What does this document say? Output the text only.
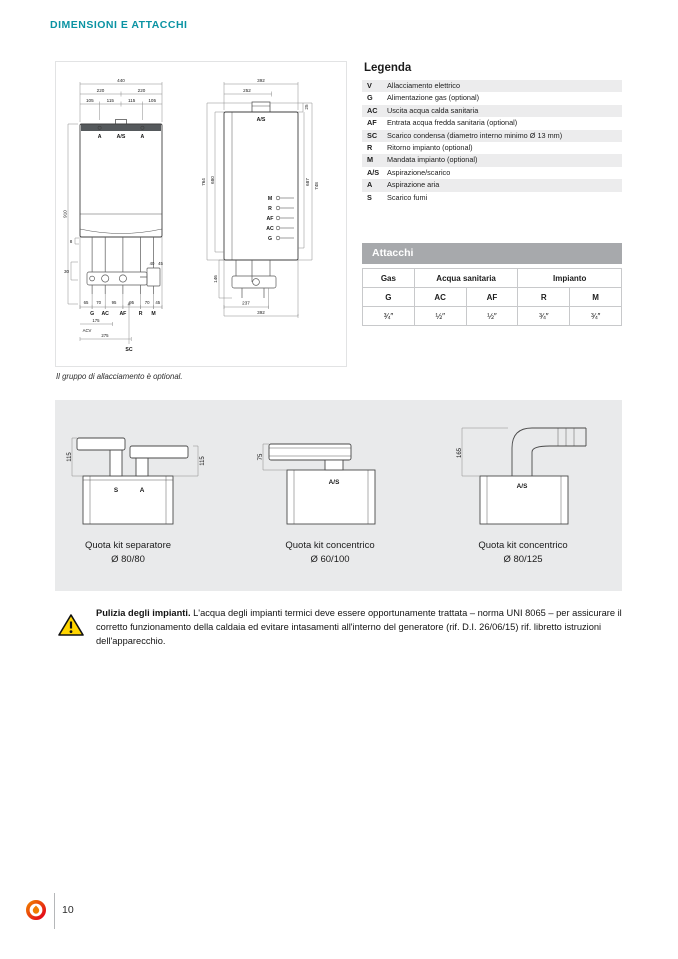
DIMENSIONI E ATTACCHI
440
220	220
105	115	115	105
A	A/S	A
910
8
30
65 70 95	95 70 45
G AC AF R M
40 45
175
ACV
275
SC
392
252
25
A/S
764 680
146
687
748
M
R
AF
AC
G
237
392
Legenda
V	Allacciamento elettrico
G	Alimentazione gas (optional)
AC	Uscita acqua calda sanitaria
AF	Entrata acqua fredda sanitaria (optional)
SC	Scarico condensa (diametro interno minimo Ø 13 mm)
R	Ritorno impianto (optional)
M	Mandata impianto (optional)
A/S	Aspirazione/scarico
A	Aspirazione aria
S	Scarico fumi
Attacchi
Gas	Acqua sanitaria		Impianto	
G	AC	AF	R	M
¾″	½″	½″	¾″	¾″
Il gruppo di allacciamento è optional.
115	115
S	A
Quota kit separatore
Ø 80/80
75
A/S
Quota kit concentrico
Ø 60/100
165
A/S
Quota kit concentrico
Ø 80/125

Pulizia degli impianti. L'acqua degli impianti termici deve essere opportunamente trattata – norma UNI 8065 – per assicurare il corretto funzionamento della caldaia ed evitare intasamenti all'interno del generatore (rif. D.I. 26/06/15) rif. libretto istruzioni dell'apparecchio.

10
